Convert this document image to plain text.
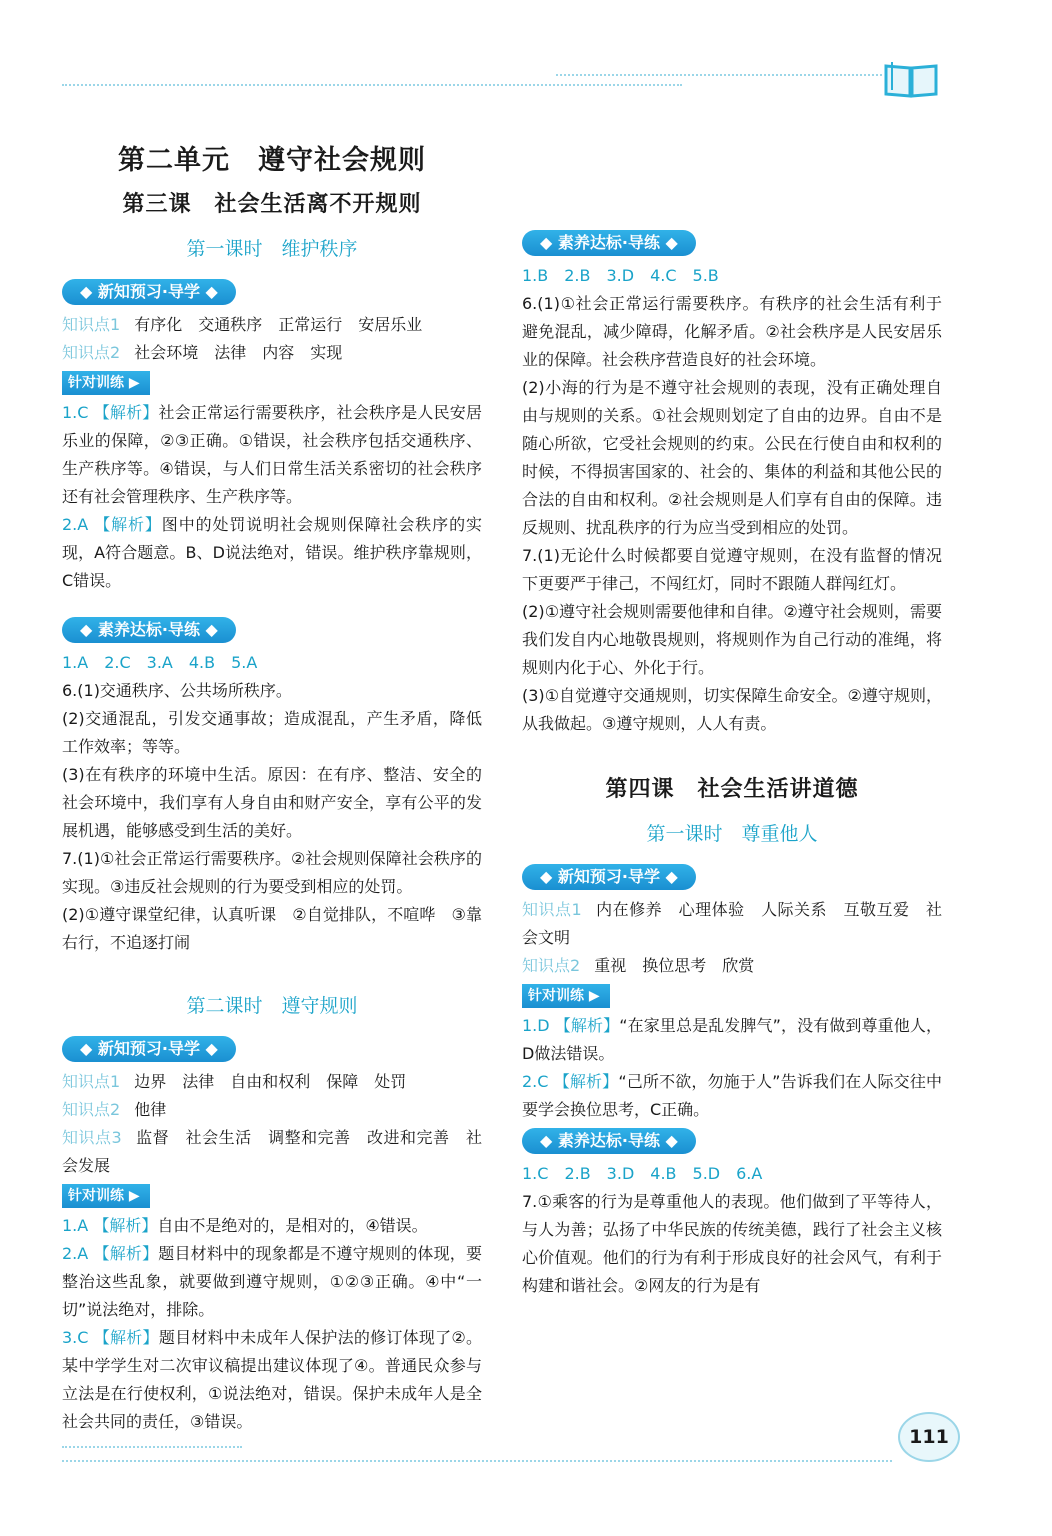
第二单元　遵守社会规则
第三课　社会生活离不开规则
第一课时　维护秩序
◆ 新知预习·导学 ◆

知识点1 有序化　交通秩序　正常运行　安居乐业

知识点2 社会环境　法律　内容　实现

针对训练 ▶

1.C 【解析】社会正常运行需要秩序，社会秩序是人民安居乐业的保障，②③正确。①错误，社会秩序包括交通秩序、生产秩序等。④错误，与人们日常生活关系密切的社会秩序还有社会管理秩序、生产秩序等。

2.A 【解析】图中的处罚说明社会规则保障社会秩序的实现，A符合题意。B、D说法绝对，错误。维护秩序靠规则，C错误。

◆ 素养达标·导练 ◆

1.A　2.C　3.A　4.B　5.A

6.(1)交通秩序、公共场所秩序。

(2)交通混乱，引发交通事故；造成混乱，产生矛盾，降低工作效率；等等。

(3)在有秩序的环境中生活。原因：在有序、整洁、安全的社会环境中，我们享有人身自由和财产安全，享有公平的发展机遇，能够感受到生活的美好。

7.(1)①社会正常运行需要秩序。②社会规则保障社会秩序的实现。③违反社会规则的行为要受到相应的处罚。

(2)①遵守课堂纪律，认真听课　②自觉排队，不喧哗　③靠右行，不追逐打闹

第二课时　遵守规则
◆ 新知预习·导学 ◆

知识点1 边界　法律　自由和权利　保障　处罚

知识点2 他律

知识点3 监督　社会生活　调整和完善　改进和完善　社会发展

针对训练 ▶

1.A 【解析】自由不是绝对的，是相对的，④错误。

2.A 【解析】题目材料中的现象都是不遵守规则的体现，要整治这些乱象，就要做到遵守规则，①②③正确。④中“一切”说法绝对，排除。

3.C 【解析】题目材料中未成年人保护法的修订体现了②。某中学学生对二次审议稿提出建议体现了④。普通民众参与立法是在行使权利，①说法绝对，错误。保护未成年人是全社会共同的责任，③错误。

◆ 素养达标·导练 ◆

1.B　2.B　3.D　4.C　5.B

6.(1)①社会正常运行需要秩序。有秩序的社会生活有利于避免混乱，减少障碍，化解矛盾。②社会秩序是人民安居乐业的保障。社会秩序营造良好的社会环境。

(2)小海的行为是不遵守社会规则的表现，没有正确处理自由与规则的关系。①社会规则划定了自由的边界。自由不是随心所欲，它受社会规则的约束。公民在行使自由和权利的时候，不得损害国家的、社会的、集体的利益和其他公民的合法的自由和权利。②社会规则是人们享有自由的保障。违反规则、扰乱秩序的行为应当受到相应的处罚。

7.(1)无论什么时候都要自觉遵守规则，在没有监督的情况下更要严于律己，不闯红灯，同时不跟随人群闯红灯。

(2)①遵守社会规则需要他律和自律。②遵守社会规则，需要我们发自内心地敬畏规则，将规则作为自己行动的准绳，将规则内化于心、外化于行。

(3)①自觉遵守交通规则，切实保障生命安全。②遵守规则，从我做起。③遵守规则，人人有责。

第四课　社会生活讲道德
第一课时　尊重他人
◆ 新知预习·导学 ◆

知识点1 内在修养　心理体验　人际关系　互敬互爱　社会文明

知识点2 重视　换位思考　欣赏

针对训练 ▶

1.D 【解析】“在家里总是乱发脾气”，没有做到尊重他人，D做法错误。

2.C 【解析】“己所不欲，勿施于人”告诉我们在人际交往中要学会换位思考，C正确。

◆ 素养达标·导练 ◆

1.C　2.B　3.D　4.B　5.D　6.A

7.①乘客的行为是尊重他人的表现。他们做到了平等待人，与人为善；弘扬了中华民族的传统美德，践行了社会主义核心价值观。他们的行为有利于形成良好的社会风气，有利于构建和谐社会。②网友的行为是有

111
